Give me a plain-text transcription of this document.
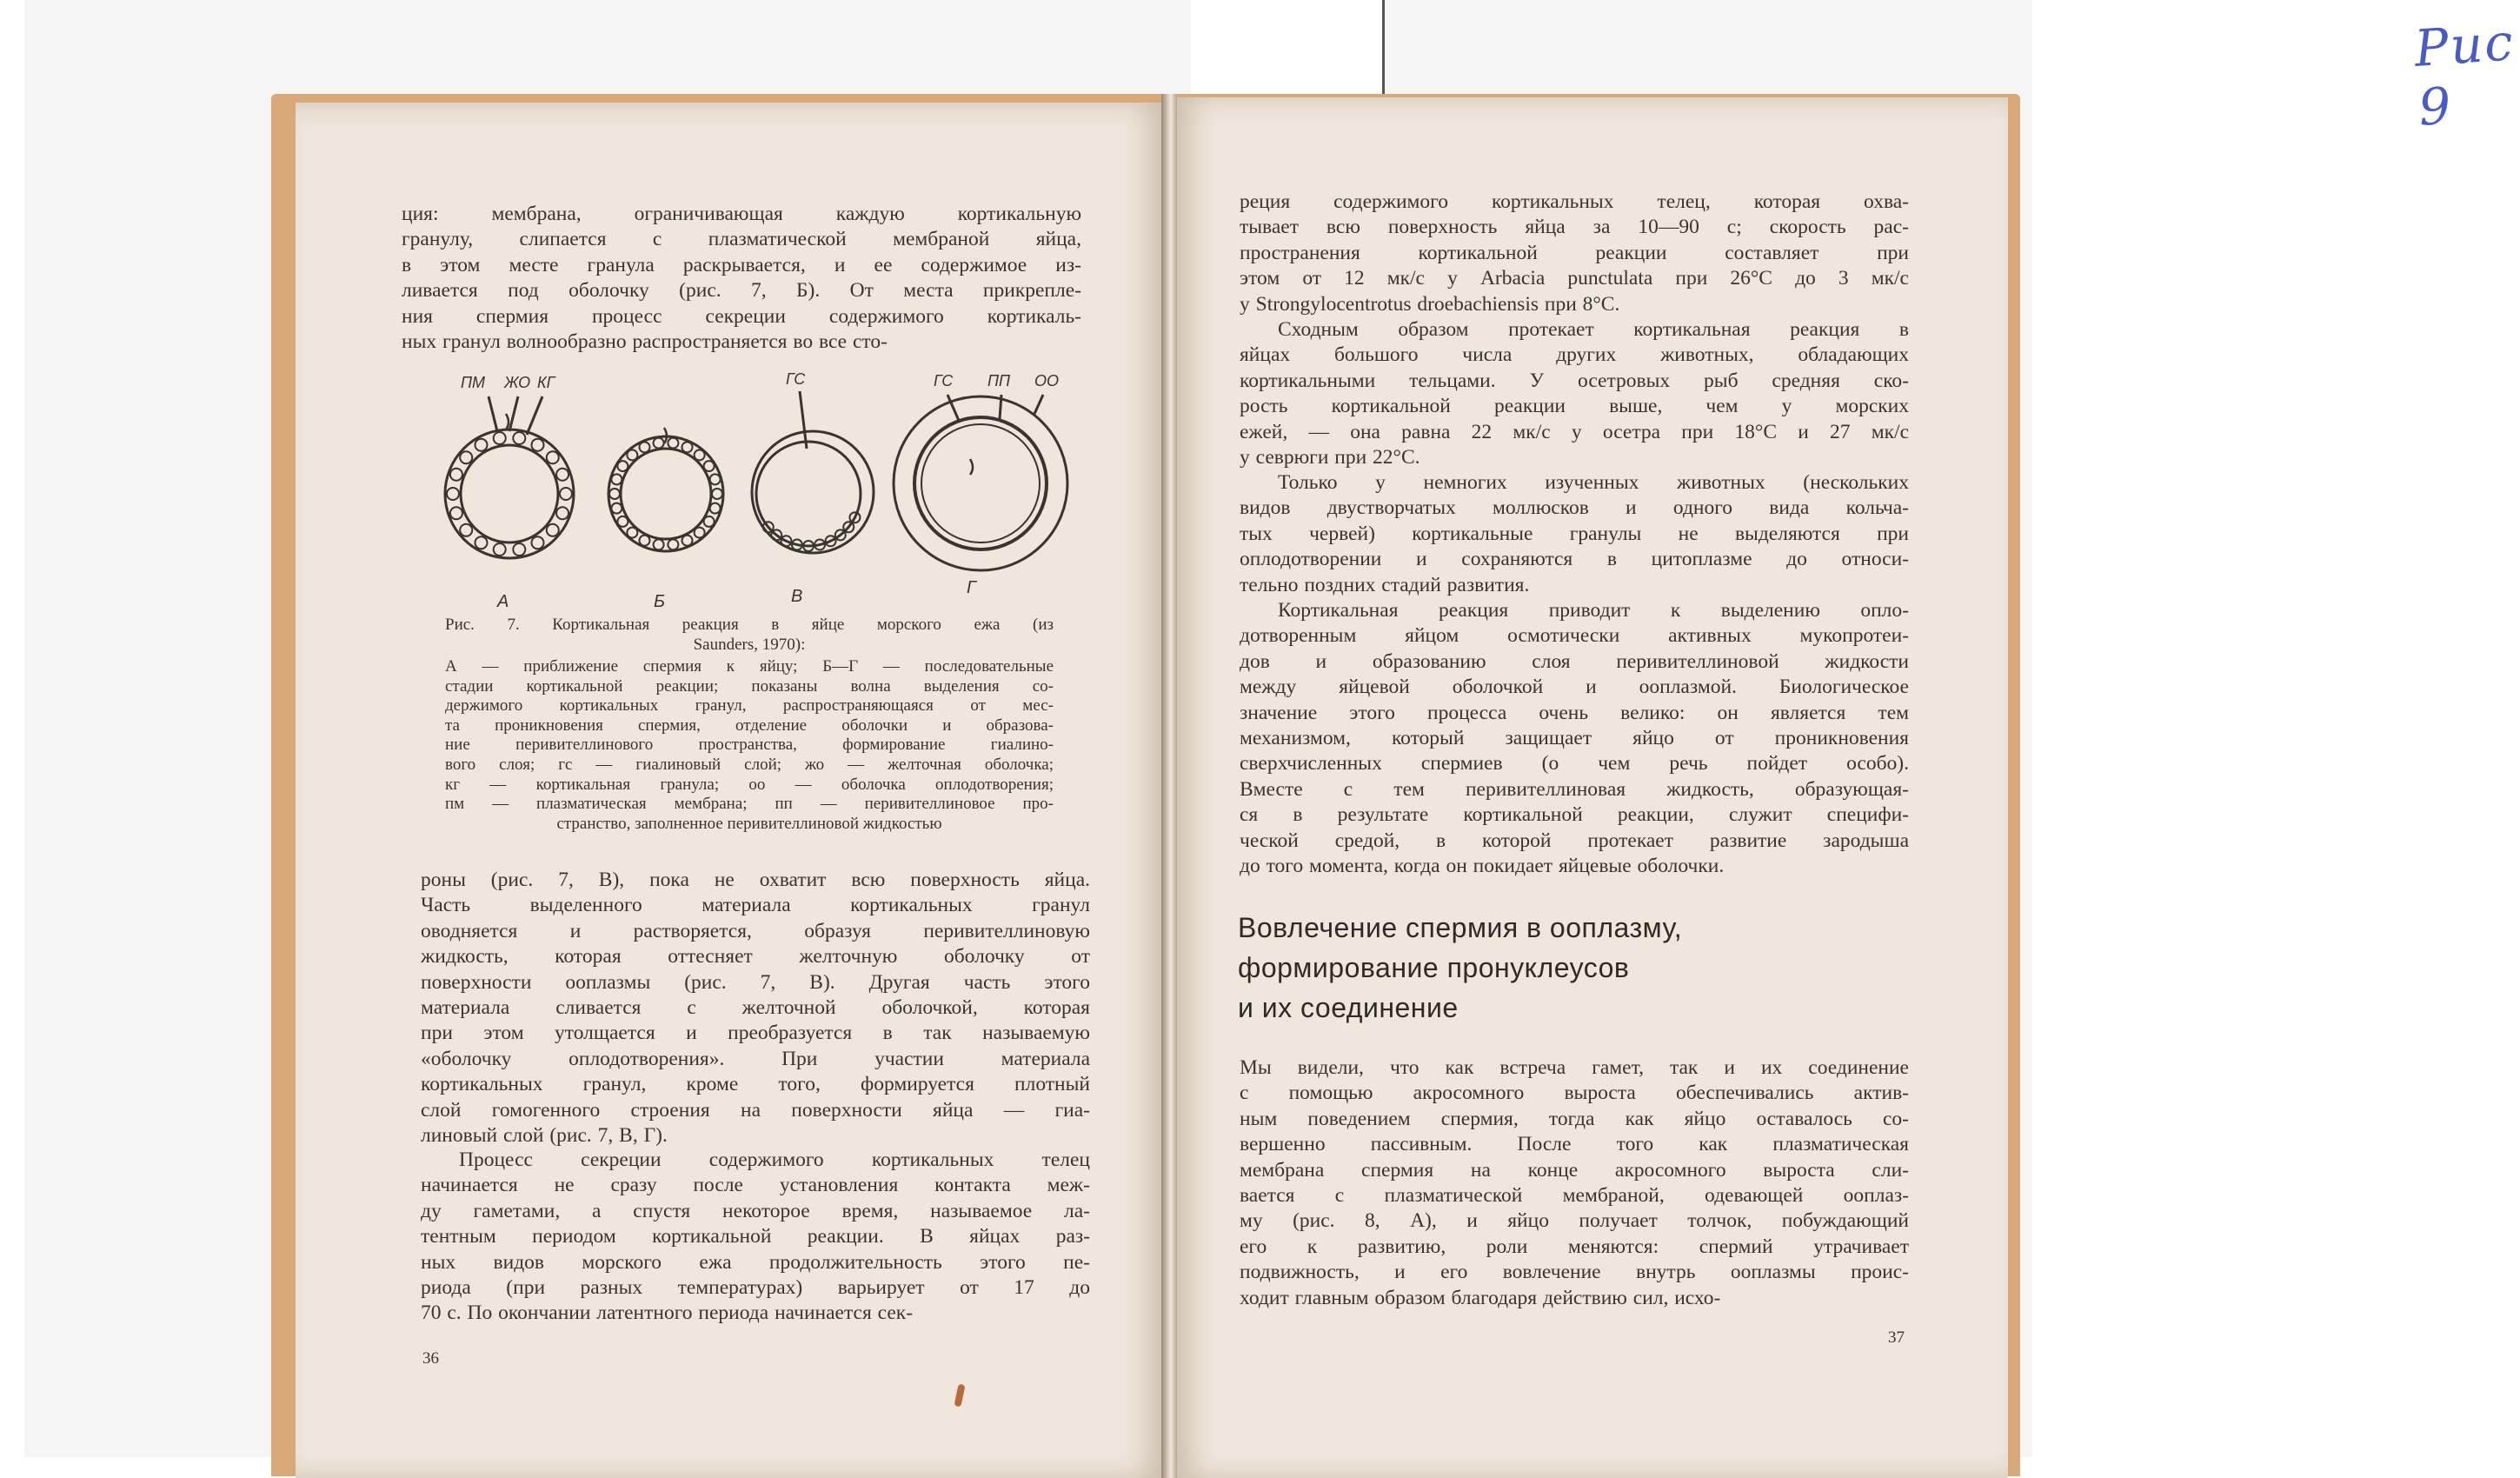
Рис 9
ция: мембрана, ограничивающая каждую кортикальную
гранулу, слипается с плазматической мембраной яйца,
в этом месте гранула раскрывается, и ее содержимое из-
ливается под оболочку (рис. 7, Б). От места прикрепле-
ния спермия процесс секреции содержимого кортикаль-
ных гранул волнообразно распространяется во все сто-
ПМ ЖО КГ	ГС	ГС ПП ОО
А	Б	В	Г
Рис. 7. Кортикальная реакция в яйце морского ежа (из
Saunders, 1970):
А — приближение спермия к яйцу; Б—Г — последовательные
стадии кортикальной реакции; показаны волна выделения со-
держимого кортикальных гранул, распространяющаяся от мес-
та проникновения спермия, отделение оболочки и образова-
ние перивителлинового пространства, формирование гиалино-
вого слоя; гс — гиалиновый слой; жо — желточная оболочка;
кг — кортикальная гранула; оо — оболочка оплодотворения;
пм — плазматическая мембрана; пп — перивителлиновое про-
странство, заполненное перивителлиновой жидкостью
роны (рис. 7, В), пока не охватит всю поверхность яйца.
Часть выделенного материала кортикальных гранул
оводняется и растворяется, образуя перивителлиновую
жидкость, которая оттесняет желточную оболочку от
поверхности ооплазмы (рис. 7, В). Другая часть этого
материала сливается с желточной оболочкой, которая
при этом утолщается и преобразуется в так называемую
«оболочку оплодотворения». При участии материала
кортикальных гранул, кроме того, формируется плотный
слой гомогенного строения на поверхности яйца — гиа-
линовый слой (рис. 7, В, Г).
Процесс секреции содержимого кортикальных телец
начинается не сразу после установления контакта меж-
ду гаметами, а спустя некоторое время, называемое ла-
тентным периодом кортикальной реакции. В яйцах раз-
ных видов морского ежа продолжительность этого пе-
риода (при разных температурах) варьирует от 17 до
70 с. По окончании латентного периода начинается сек-
36
реция содержимого кортикальных телец, которая охва-
тывает всю поверхность яйца за 10—90 с; скорость рас-
пространения кортикальной реакции составляет при
этом от 12 мк/с у Arbacia punctulata при 26°С до 3 мк/с
у Strongylocentrotus droebachiensis при 8°С.
Сходным образом протекает кортикальная реакция в
яйцах большого числа других животных, обладающих
кортикальными тельцами. У осетровых рыб средняя ско-
рость кортикальной реакции выше, чем у морских
ежей, — она равна 22 мк/с у осетра при 18°С и 27 мк/с
у севрюги при 22°С.
Только у немногих изученных животных (нескольких
видов двустворчатых моллюсков и одного вида кольча-
тых червей) кортикальные гранулы не выделяются при
оплодотворении и сохраняются в цитоплазме до относи-
тельно поздних стадий развития.
Кортикальная реакция приводит к выделению опло-
дотворенным яйцом осмотически активных мукопротеи-
дов и образованию слоя перивителлиновой жидкости
между яйцевой оболочкой и ооплазмой. Биологическое
значение этого процесса очень велико: он является тем
механизмом, который защищает яйцо от проникновения
сверхчисленных спермиев (о чем речь пойдет особо).
Вместе с тем перивителлиновая жидкость, образующая-
ся в результате кортикальной реакции, служит специфи-
ческой средой, в которой протекает развитие зародыша
до того момента, когда он покидает яйцевые оболочки.
Вовлечение спермия в ооплазму,
формирование пронуклеусов
и их соединение
Мы видели, что как встреча гамет, так и их соединение
с помощью акросомного выроста обеспечивались актив-
ным поведением спермия, тогда как яйцо оставалось со-
вершенно пассивным. После того как плазматическая
мембрана спермия на конце акросомного выроста сли-
вается с плазматической мембраной, одевающей ооплаз-
му (рис. 8, А), и яйцо получает толчок, побуждающий
его к развитию, роли меняются: спермий утрачивает
подвижность, и его вовлечение внутрь ооплазмы проис-
ходит главным образом благодаря действию сил, исхо-
37
